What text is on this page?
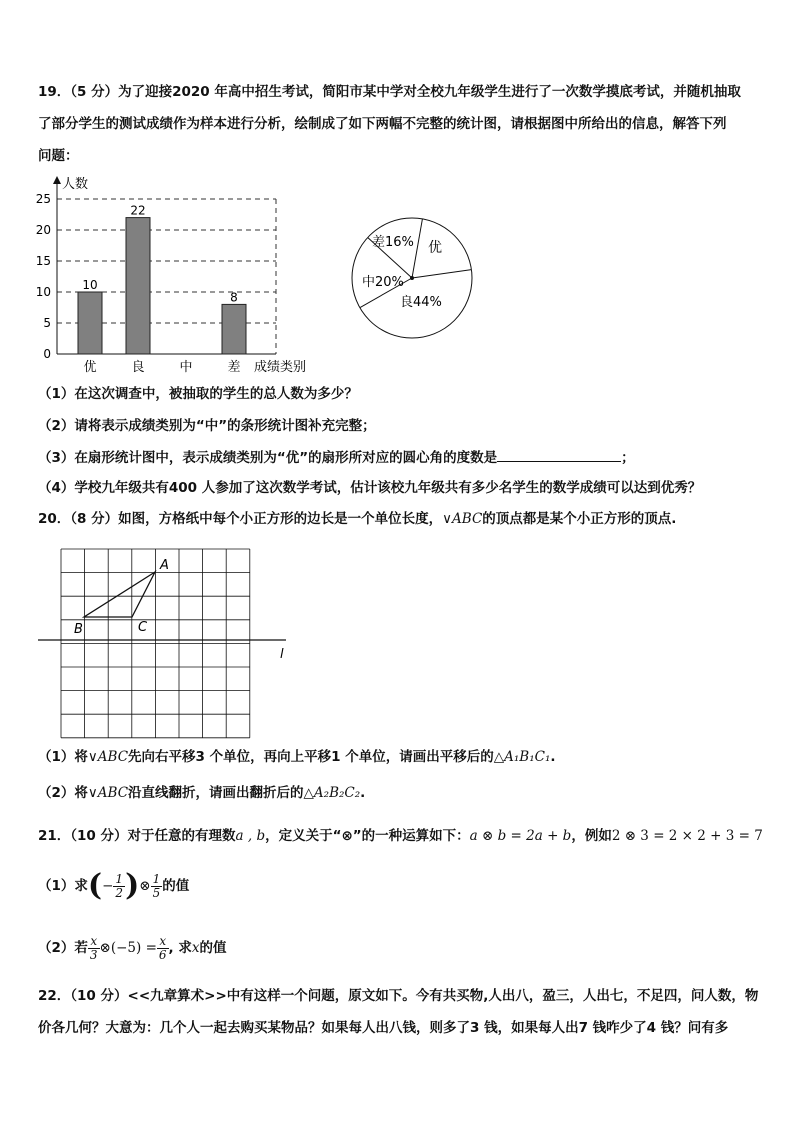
19．（5 分）为了迎接2020 年高中招生考试，简阳市某中学对全校九年级学生进行了一次数学摸底考试，并随机抽取
了部分学生的测试成绩作为样本进行分析，绘制成了如下两幅不完整的统计图，请根据图中所给出的信息，解答下列
问题：
人数
0
5
10
15
20
25
10
22
8
优	良	中	差 成绩类别
差16% 优
中20%
良44%
（1）在这次调查中，被抽取的学生的总人数为多少？
（2）请将表示成绩类别为“中”的条形统计图补充完整；
（3）在扇形统计图中，表示成绩类别为“优”的扇形所对应的圆心角的度数是	；
（4）学校九年级共有400 人参加了这次数学考试，估计该校九年级共有多少名学生的数学成绩可以达到优秀？
20．（8 分）如图，方格纸中每个小正方形的边长是一个单位长度，∨ABC的顶点都是某个小正方形的顶点.
A
B	C
l
（1）将∨ABC先向右平移3 个单位，再向上平移1 个单位，请画出平移后的△A₁B₁C₁.
（2）将∨ABC沿直线翻折，请画出翻折后的△A₂B₂C₂.
21．（10 分）对于任意的有理数a , b，定义关于“⊗”的一种运算如下：a ⊗ b = 2a + b，例如2 ⊗ 3 = 2 × 2 + 3 = 7
（1）求(− $\frac{1}{2}$ )⊗ $\frac{1}{5}$ 的值
（2）若 $\frac{x}{3}$ ⊗(−5) = $\frac{x}{6}$ , 求x的值
22．（10 分）<<九章算术>>中有这样一个问题，原文如下。今有共买物,人出八，盈三，人出七，不足四，问人数，物
价各几何？大意为：几个人一起去购买某物品？如果每人出八钱，则多了3 钱，如果每人出7 钱咋少了4 钱？问有多
